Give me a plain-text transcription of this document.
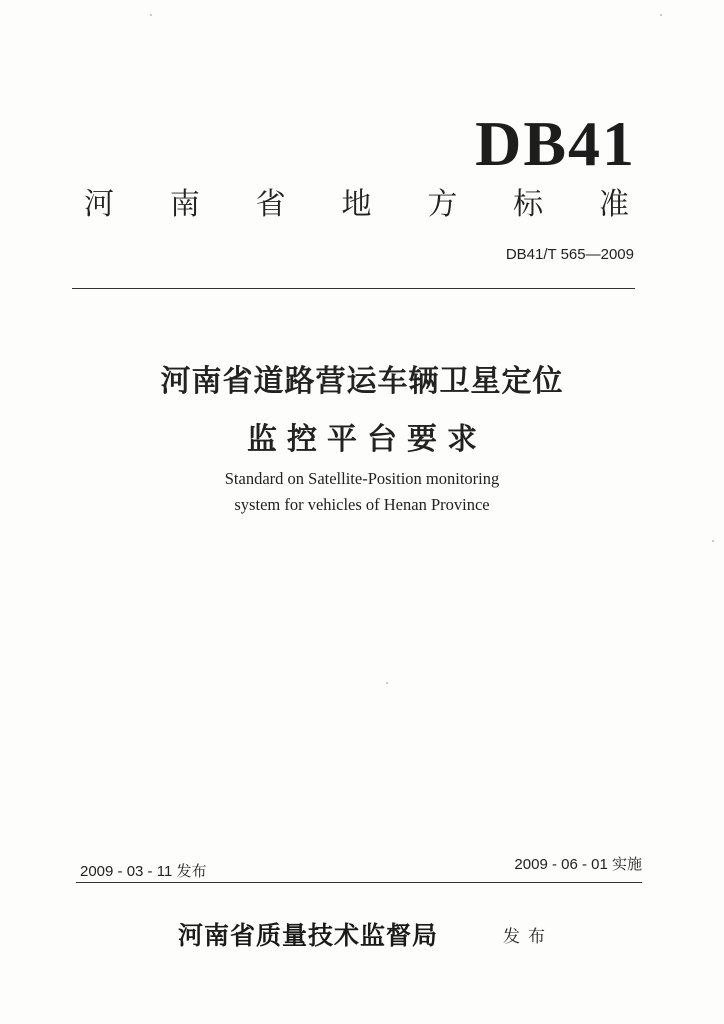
DB41
河 南 省 地 方 标 准
DB41/T 565—2009
河南省道路营运车辆卫星定位
监控平台要求
Standard on Satellite-Position monitoring
system for vehicles of Henan Province
2009 - 03 - 11 发布	2009 - 06 - 01 实施
河南省质量技术监督局	发布
